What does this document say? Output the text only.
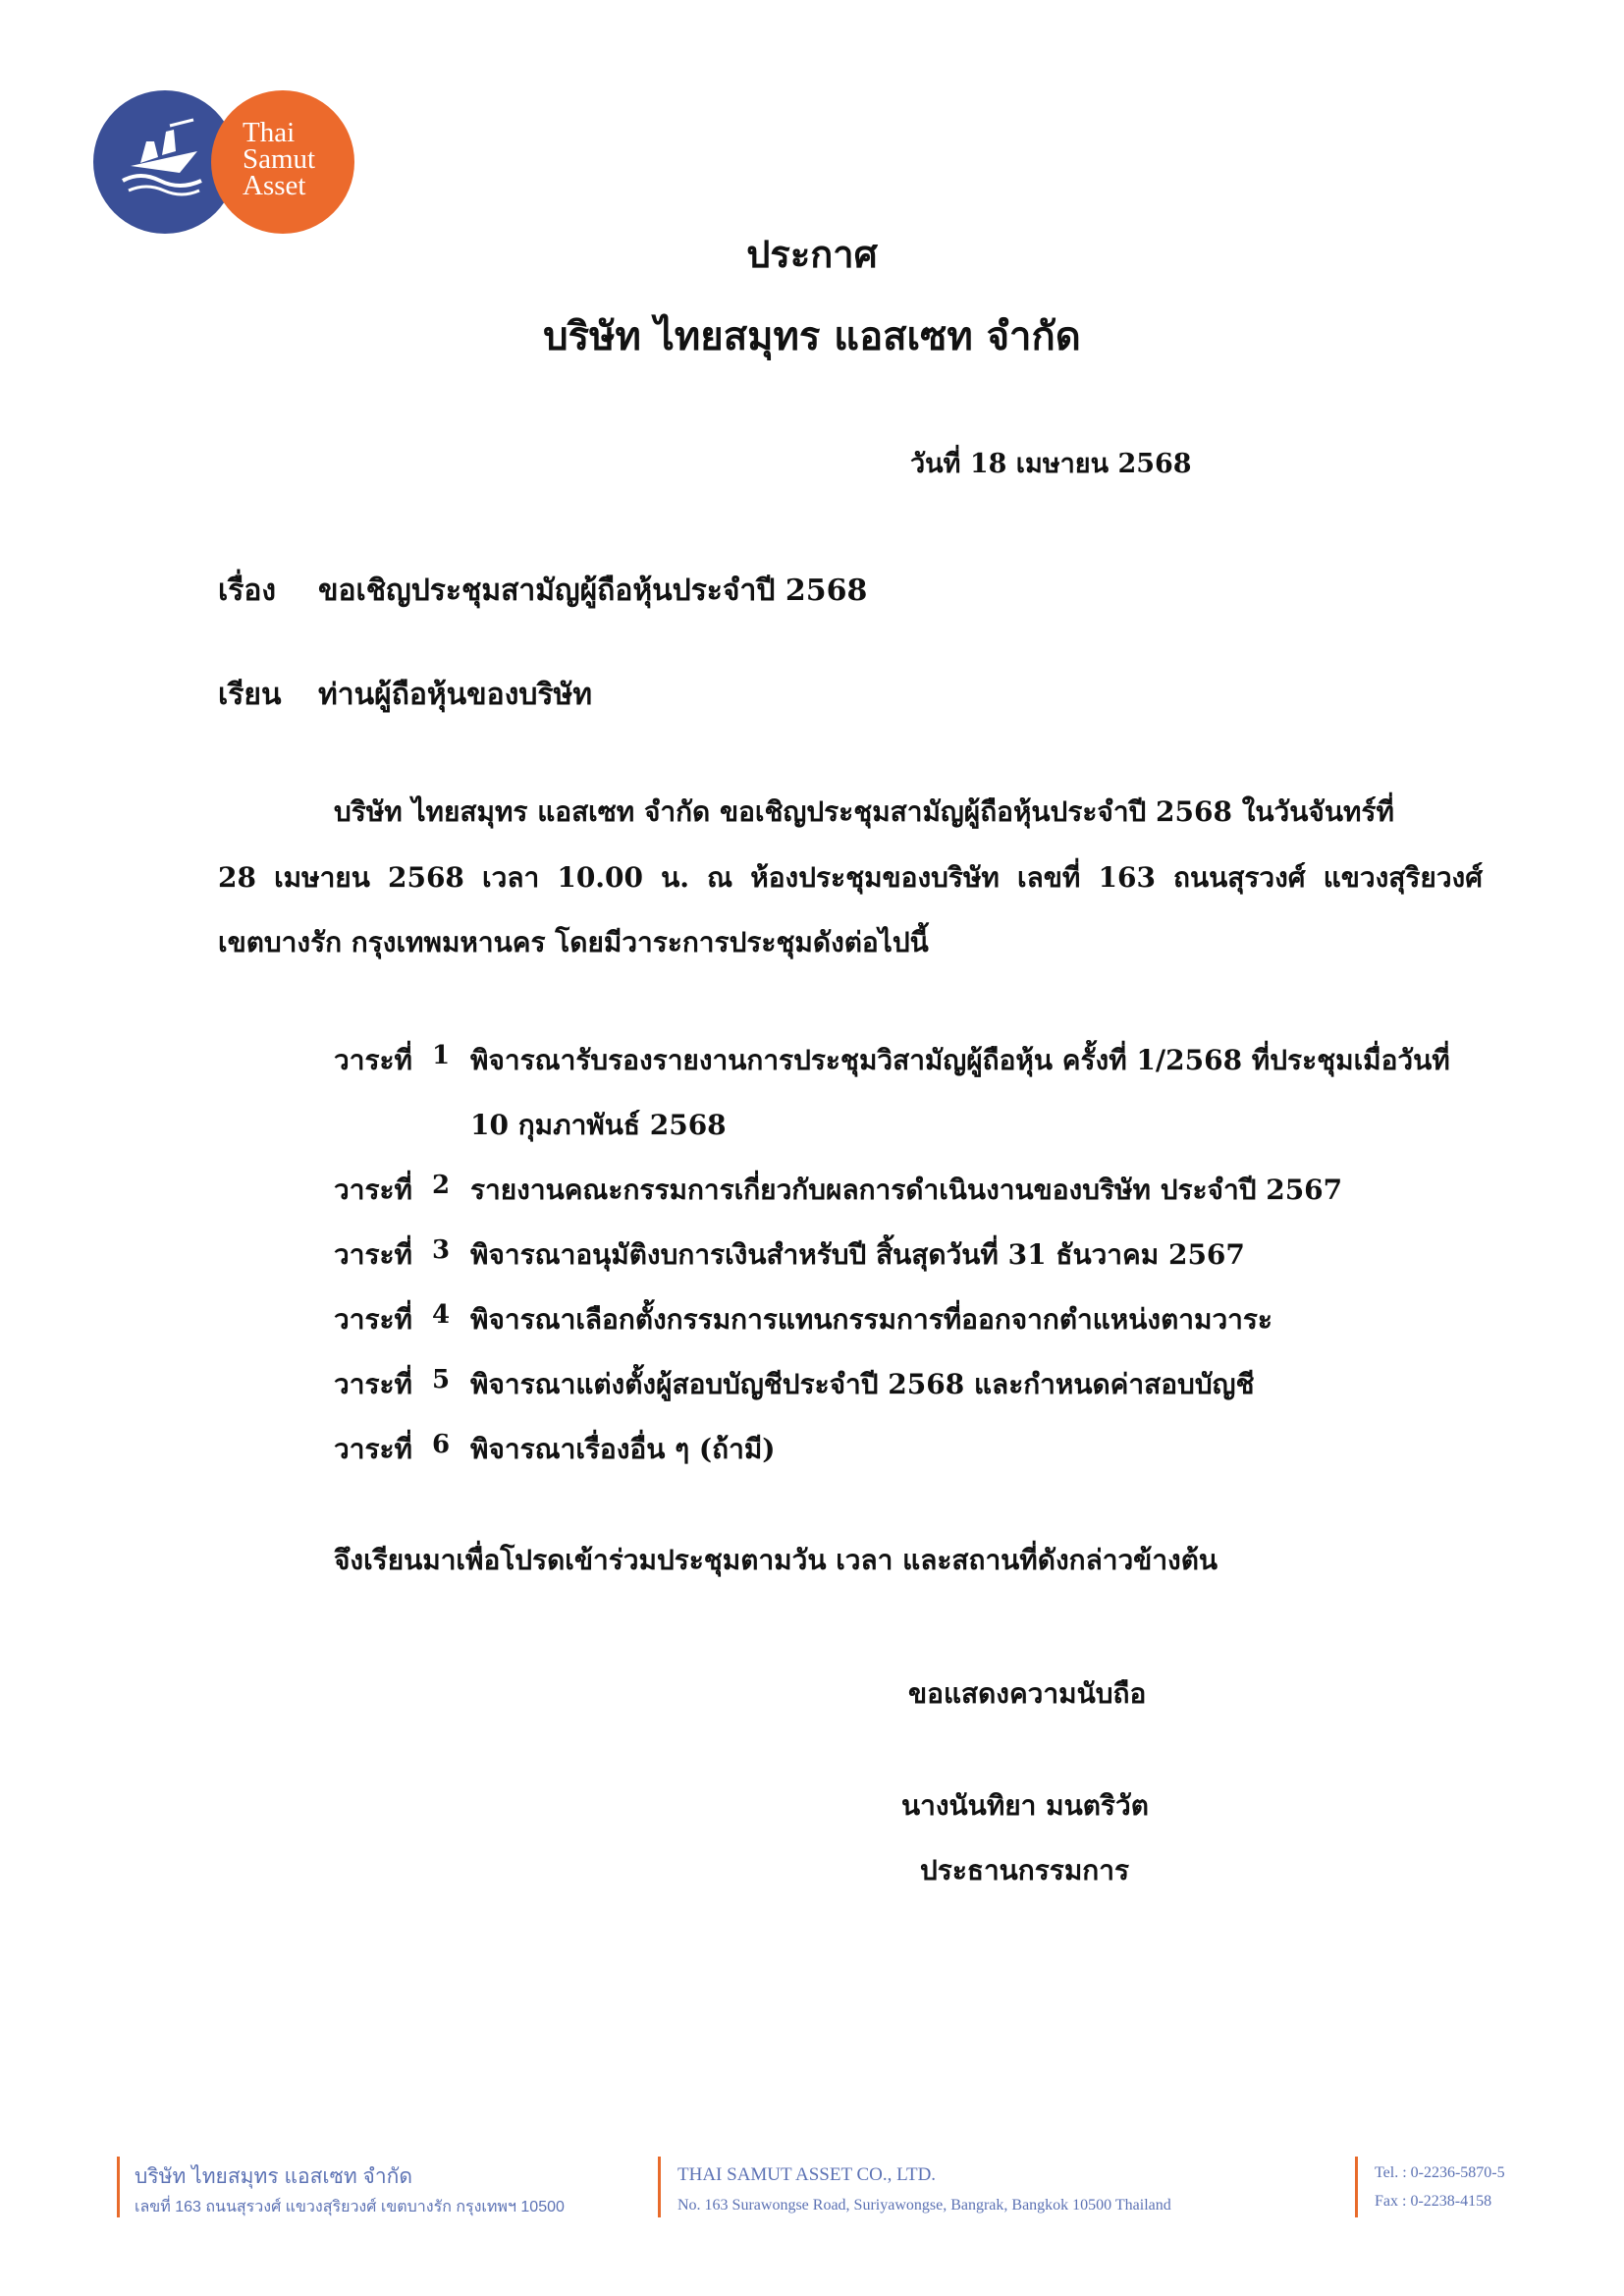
Thai
Samut
Asset
ประกาศ
บริษัท ไทยสมุทร แอสเซท จำกัด
วันที่ 18 เมษายน 2568
เรื่อง ขอเชิญประชุมสามัญผู้ถือหุ้นประจำปี 2568
เรียน ท่านผู้ถือหุ้นของบริษัท
บริษัท ไทยสมุทร แอสเซท จำกัด ขอเชิญประชุมสามัญผู้ถือหุ้นประจำปี 2568 ในวันจันทร์ที่
28 เมษายน 2568 เวลา 10.00 น. ณ ห้องประชุมของบริษัท เลขที่ 163 ถนนสุรวงศ์ แขวงสุริยวงศ์
เขตบางรัก กรุงเทพมหานคร โดยมีวาระการประชุมดังต่อไปนี้
วาระที่ 1 พิจารณารับรองรายงานการประชุมวิสามัญผู้ถือหุ้น ครั้งที่ 1/2568 ที่ประชุมเมื่อวันที่
10 กุมภาพันธ์ 2568
วาระที่ 2 รายงานคณะกรรมการเกี่ยวกับผลการดำเนินงานของบริษัท ประจำปี 2567
วาระที่ 3 พิจารณาอนุมัติงบการเงินสำหรับปี สิ้นสุดวันที่ 31 ธันวาคม 2567
วาระที่ 4 พิจารณาเลือกตั้งกรรมการแทนกรรมการที่ออกจากตำแหน่งตามวาระ
วาระที่ 5 พิจารณาแต่งตั้งผู้สอบบัญชีประจำปี 2568 และกำหนดค่าสอบบัญชี
วาระที่ 6 พิจารณาเรื่องอื่น ๆ (ถ้ามี)
จึงเรียนมาเพื่อโปรดเข้าร่วมประชุมตามวัน เวลา และสถานที่ดังกล่าวข้างต้น
ขอแสดงความนับถือ
นางนันทิยา มนตริวัต
ประธานกรรมการ
บริษัท ไทยสมุทร แอสเซท จำกัด
เลขที่ 163 ถนนสุรวงศ์ แขวงสุริยวงศ์ เขตบางรัก กรุงเทพฯ 10500
THAI SAMUT ASSET CO., LTD.
No. 163 Surawongse Road, Suriyawongse, Bangrak, Bangkok 10500 Thailand
Tel. : 0-2236-5870-5
Fax : 0-2238-4158
